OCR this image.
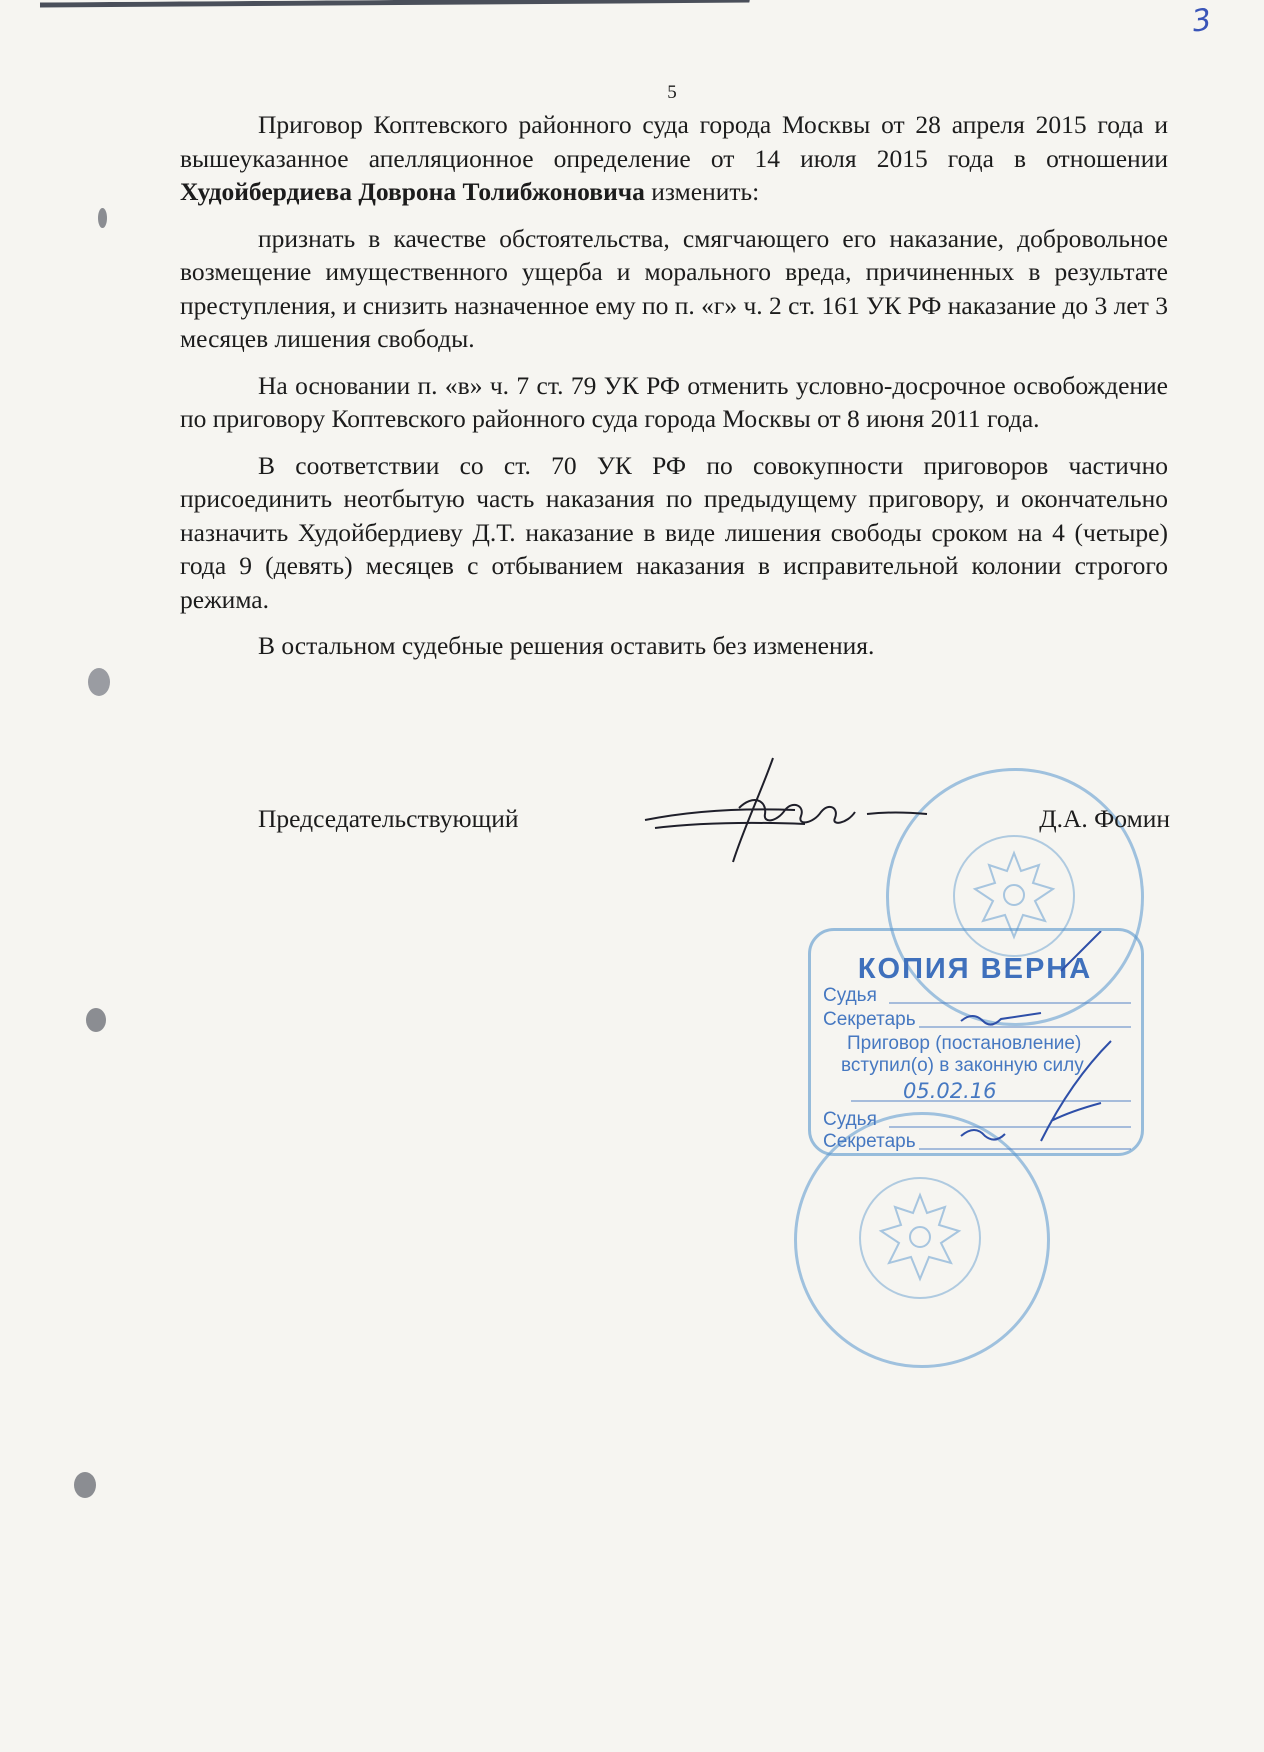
3
5

Приговор Коптевского районного суда города Москвы от 28 апреля 2015 года и вышеуказанное апелляционное определение от 14 июля 2015 года в отношении Худойбердиева Доврона Толибжоновича изменить:

признать в качестве обстоятельства, смягчающего его наказание, добровольное возмещение имущественного ущерба и морального вреда, причиненных в результате преступления, и снизить назначенное ему по п. «г» ч. 2 ст. 161 УК РФ наказание до 3 лет 3 месяцев лишения свободы.

На основании п. «в» ч. 7 ст. 79 УК РФ отменить условно-досрочное освобождение по приговору Коптевского районного суда города Москвы от 8 июня 2011 года.

В соответствии со ст. 70 УК РФ по совокупности приговоров частично присоединить неотбытую часть наказания по предыдущему приговору, и окончательно назначить Худойбердиеву Д.Т. наказание в виде лишения свободы сроком на 4 (четыре) года 9 (девять) месяцев с отбыванием наказания в исправительной колонии строгого режима.

В остальном судебные решения оставить без изменения.

КОПИЯ ВЕРНА
Судья
Секретарь
Приговор (постановление)
вступил(о) в законную силу
05.02.16
Судья
Секретарь
Председательствующий	Д.А. Фомин
